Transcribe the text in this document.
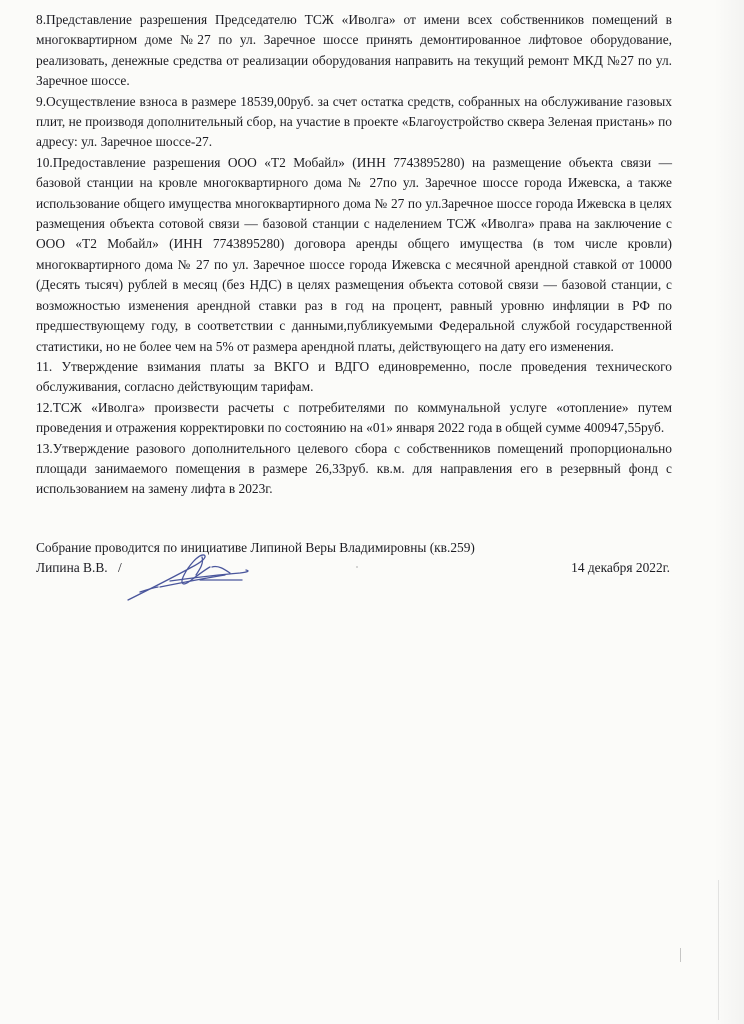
8.Представление разрешения Председателю ТСЖ «Иволга» от имени всех собственников помещений в многоквартирном доме №27 по ул. Заречное шоссе принять демонтированное лифтовое оборудование, реализовать, денежные средства от реализации оборудования направить на текущий ремонт МКД №27 по ул. Заречное шоссе.

9.Осуществление взноса в размере 18539,00руб. за счет остатка средств, собранных на обслуживание газовых плит, не производя дополнительный сбор, на участие в проекте «Благоустройство сквера Зеленая пристань» по адресу: ул. Заречное шоссе-27.

10.Предоставление разрешения ООО «Т2 Мобайл» (ИНН 7743895280) на размещение объекта связи — базовой станции на кровле многоквартирного дома № 27по ул. Заречное шоссе города Ижевска, а также использование общего имущества многоквартирного дома № 27 по ул.Заречное шоссе города Ижевска в целях размещения объекта сотовой связи — базовой станции с наделением ТСЖ «Иволга» права на заключение с ООО «Т2 Мобайл» (ИНН 7743895280) договора аренды общего имущества (в том числе кровли) многоквартирного дома № 27 по ул. Заречное шоссе города Ижевска с месячной арендной ставкой от 10000 (Десять тысяч) рублей в месяц (без НДС) в целях размещения объекта сотовой связи — базовой станции, с возможностью изменения арендной ставки раз в год на процент, равный уровню инфляции в РФ по предшествующему году, в соответствии с данными,публикуемыми Федеральной службой государственной статистики, но не более чем на 5% от размера арендной платы, действующего на дату его изменения.

11. Утверждение взимания платы за ВКГО и ВДГО единовременно, после проведения технического обслуживания, согласно действующим тарифам.

12.ТСЖ «Иволга» произвести расчеты с потребителями по коммунальной услуге «отопление» путем проведения и отражения корректировки по состоянию на «01» января 2022 года в общей сумме 400947,55руб.

13.Утверждение разового дополнительного целевого сбора с собственников помещений пропорционально площади занимаемого помещения в размере 26,33руб. кв.м. для направления его в резервный фонд с использованием на замену лифта в 2023г.

Собрание проводится по инициативе Липиной Веры Владимировны (кв.259)
Липина В.В. /	14 декабря 2022г.
